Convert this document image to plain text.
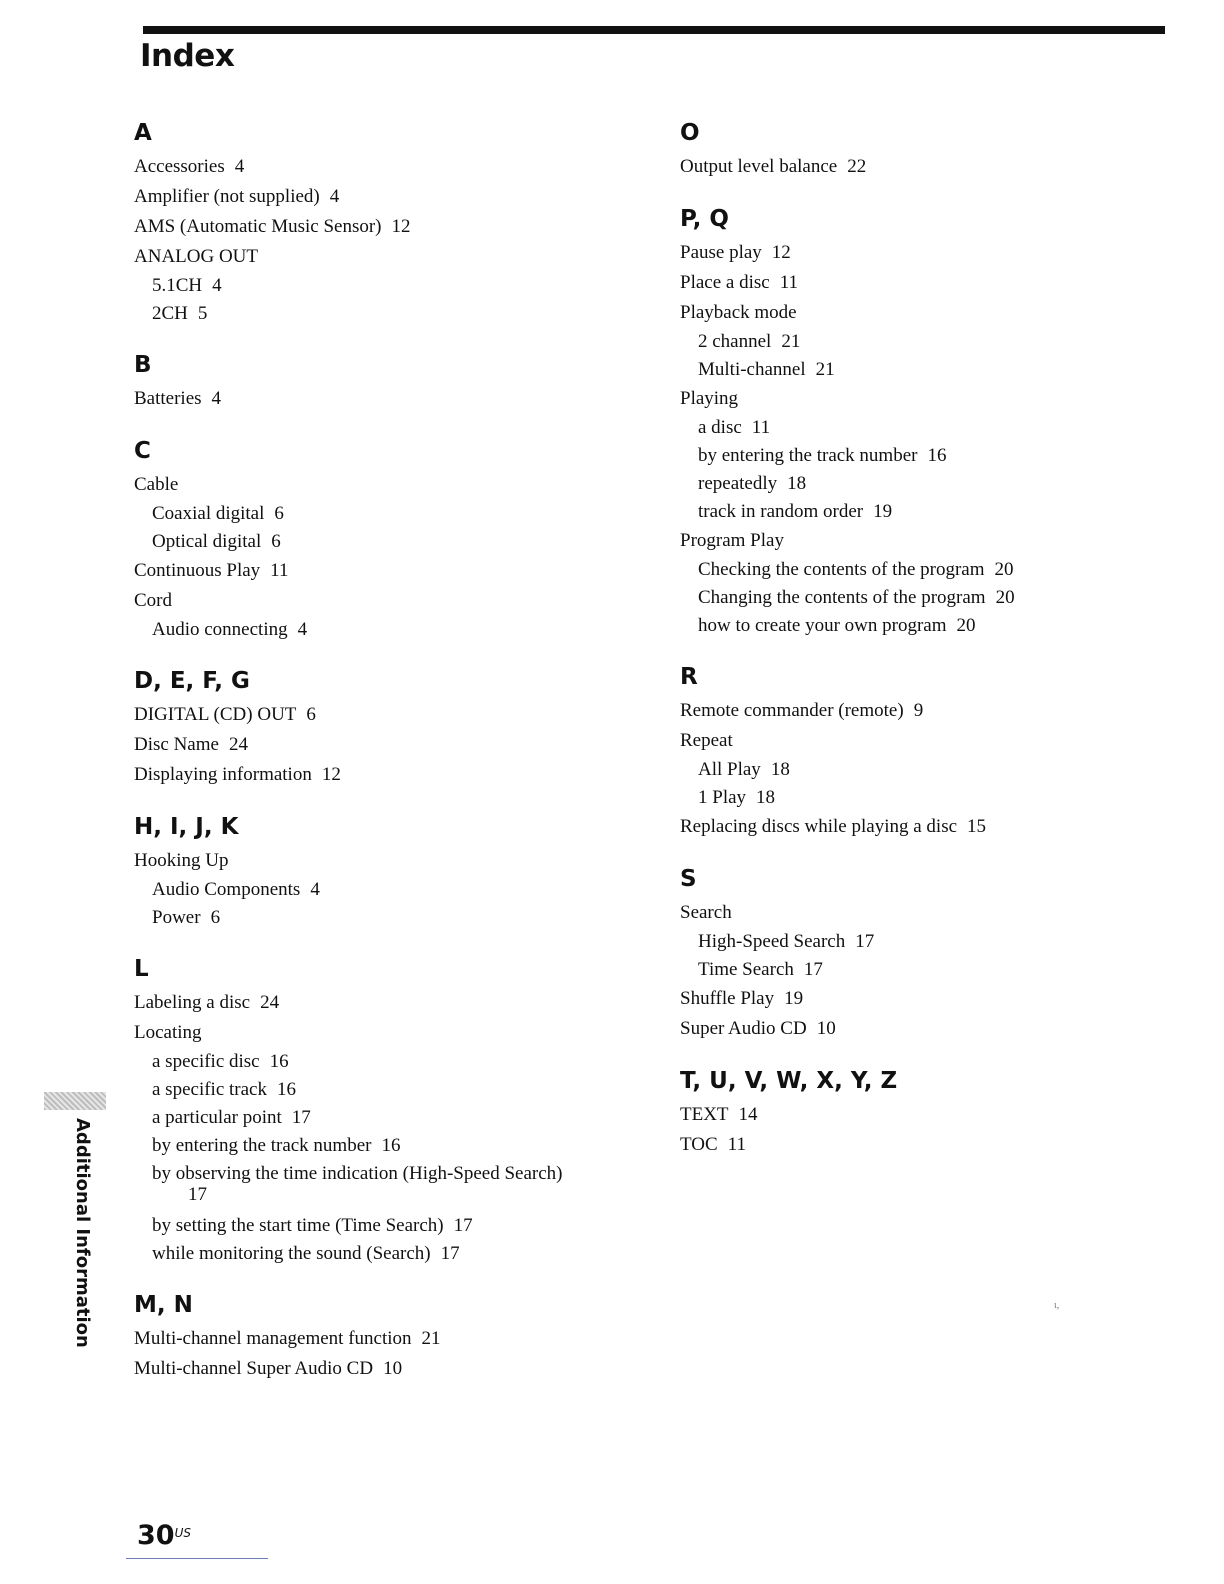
Index
A
Accessories 4
Amplifier (not supplied) 4
AMS (Automatic Music Sensor) 12
ANALOG OUT
5.1CH 4
2CH 5
B
Batteries 4
C
Cable
Coaxial digital 6
Optical digital 6
Continuous Play 11
Cord
Audio connecting 4
D, E, F, G
DIGITAL (CD) OUT 6
Disc Name 24
Displaying information 12
H, I, J, K
Hooking Up
Audio Components 4
Power 6
L
Labeling a disc 24
Locating
a specific disc 16
a specific track 16
a particular point 17
by entering the track number 16
by observing the time indication (High-Speed Search)
17
by setting the start time (Time Search) 17
while monitoring the sound (Search) 17
M, N
Multi-channel management function 21
Multi-channel Super Audio CD 10
O
Output level balance 22
P, Q
Pause play 12
Place a disc 11
Playback mode
2 channel 21
Multi-channel 21
Playing
a disc 11
by entering the track number 16
repeatedly 18
track in random order 19
Program Play
Checking the contents of the program 20
Changing the contents of the program 20
how to create your own program 20
R
Remote commander (remote) 9
Repeat
All Play 18
1 Play 18
Replacing discs while playing a disc 15
S
Search
High-Speed Search 17
Time Search 17
Shuffle Play 19
Super Audio CD 10
T, U, V, W, X, Y, Z
TEXT 14
TOC 11
Additional Information	ι,
$30^{US}$
